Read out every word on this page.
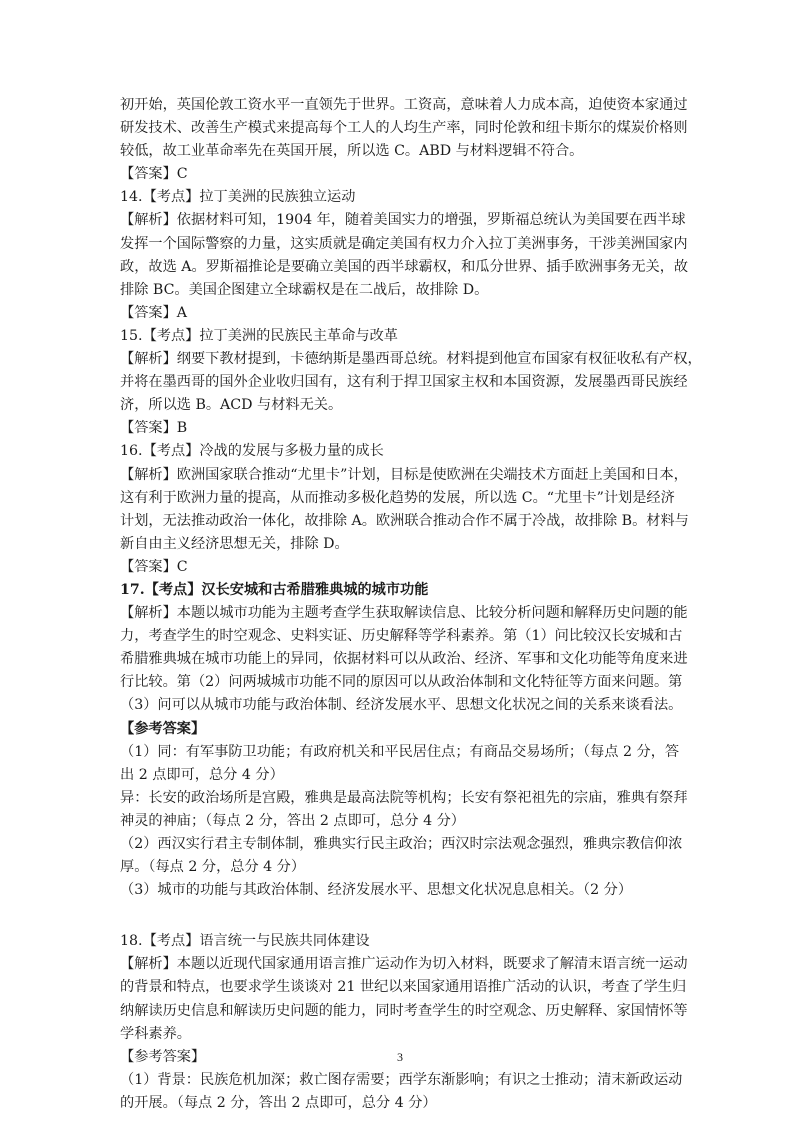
初开始，英国伦敦工资水平一直领先于世界。工资高，意味着人力成本高，迫使资本家通过
研发技术、改善生产模式来提高每个工人的人均生产率，同时伦敦和纽卡斯尔的煤炭价格则
较低，故工业革命率先在英国开展，所以选 C。ABD 与材料逻辑不符合。
【答案】C
14.【考点】拉丁美洲的民族独立运动
【解析】依据材料可知，1904 年，随着美国实力的增强，罗斯福总统认为美国要在西半球
发挥一个国际警察的力量，这实质就是确定美国有权力介入拉丁美洲事务，干涉美洲国家内
政，故选 A。罗斯福推论是要确立美国的西半球霸权，和瓜分世界、插手欧洲事务无关，故
排除 BC。美国企图建立全球霸权是在二战后，故排除 D。
【答案】A
15.【考点】拉丁美洲的民族民主革命与改革
【解析】纲要下教材提到，卡德纳斯是墨西哥总统。材料提到他宣布国家有权征收私有产权，
并将在墨西哥的国外企业收归国有，这有利于捍卫国家主权和本国资源，发展墨西哥民族经
济，所以选 B。ACD 与材料无关。
【答案】B
16.【考点】冷战的发展与多极力量的成长
【解析】欧洲国家联合推动“尤里卡”计划，目标是使欧洲在尖端技术方面赶上美国和日本，
这有利于欧洲力量的提高，从而推动多极化趋势的发展，所以选 C。“尤里卡”计划是经济
计划，无法推动政治一体化，故排除 A。欧洲联合推动合作不属于冷战，故排除 B。材料与
新自由主义经济思想无关，排除 D。
【答案】C
17.【考点】汉长安城和古希腊雅典城的城市功能
【解析】本题以城市功能为主题考查学生获取解读信息、比较分析问题和解释历史问题的能
力，考查学生的时空观念、史料实证、历史解释等学科素养。第（1）问比较汉长安城和古
希腊雅典城在城市功能上的异同，依据材料可以从政治、经济、军事和文化功能等角度来进
行比较。第（2）问两城城市功能不同的原因可以从政治体制和文化特征等方面来问题。第
（3）问可以从城市功能与政治体制、经济发展水平、思想文化状况之间的关系来谈看法。
【参考答案】
（1）同：有军事防卫功能；有政府机关和平民居住点；有商品交易场所；（每点 2 分，答
出 2 点即可，总分 4 分）
异：长安的政治场所是宫殿，雅典是最高法院等机构；长安有祭祀祖先的宗庙，雅典有祭拜
神灵的神庙；（每点 2 分，答出 2 点即可，总分 4 分）
（2）西汉实行君主专制体制，雅典实行民主政治；西汉时宗法观念强烈，雅典宗教信仰浓
厚。（每点 2 分，总分 4 分）
（3）城市的功能与其政治体制、经济发展水平、思想文化状况息息相关。（2 分）
18.【考点】语言统一与民族共同体建设
【解析】本题以近现代国家通用语言推广运动作为切入材料，既要求了解清末语言统一运动
的背景和特点，也要求学生谈谈对 21 世纪以来国家通用语推广活动的认识，考查了学生归
纳解读历史信息和解读历史问题的能力，同时考查学生的时空观念、历史解释、家国情怀等
学科素养。
【参考答案】
（1）背景：民族危机加深；救亡图存需要；西学东渐影响；有识之士推动；清末新政运动
的开展。（每点 2 分，答出 2 点即可，总分 4 分）
3
